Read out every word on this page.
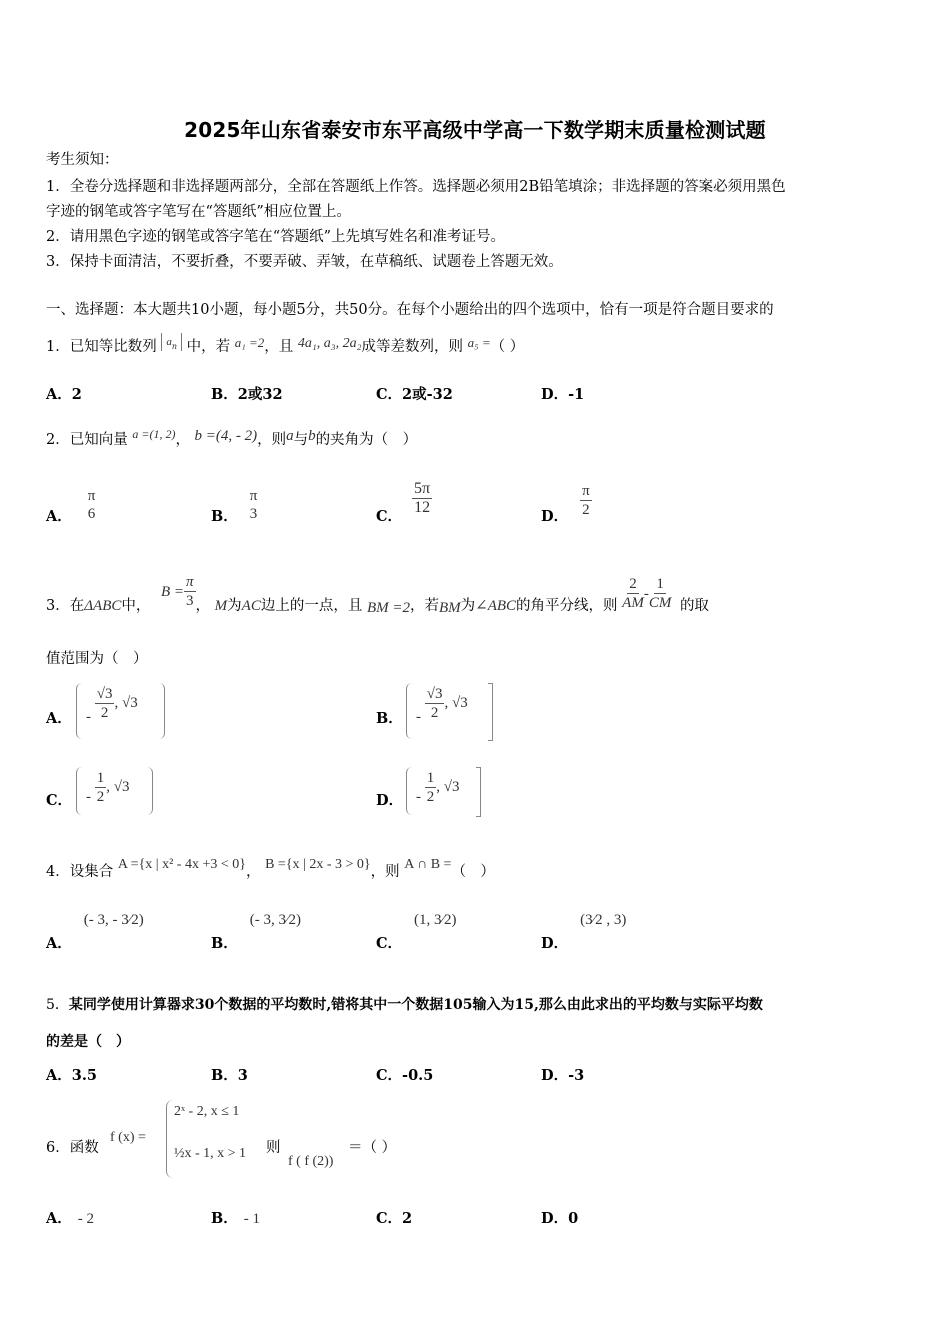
2025年山东省泰安市东平高级中学高一下数学期末质量检测试题
考生须知：
1．全卷分选择题和非选择题两部分，全部在答题纸上作答。选择题必须用2B铅笔填涂；非选择题的答案必须用黑色
字迹的钢笔或答字笔写在“答题纸”相应位置上。
2．请用黑色字迹的钢笔或答字笔在“答题纸”上先填写姓名和准考证号。
3．保持卡面清洁，不要折叠，不要弄破、弄皱，在草稿纸、试题卷上答题无效。
一、选择题：本大题共10小题，每小题5分，共50分。在每个小题给出的四个选项中，恰有一项是符合题目要求的
1．已知等比数列 $a_n$ 中，若 a₁ =2，且 4a₁, a₃, 2a₂成等差数列，则 a₅ =（ ）
A．2	B．2或32	C．2或-32	D．-1
2．已知向量 $^{a =(1, 2)}$， b =(4, - 2)，则a与b的夹角为（　）
A．
π
6	B．
π
3	C． $\frac{5\pi}{12}$	D． $\frac{\pi}{2}$
3．在ΔABC中， $B = \frac{\pi}{3}$ ， M为AC边上的一点，且 BM =2，若BM为∠ABC的角平分线，则 $\frac{2}{AM} - \frac{1}{CM}$ 的取
值范围为（　）
A． - $\frac{√3}{2}$ , √3
B． - $\frac{√3}{2}$ , √3
C． - $\frac{1}{2}$ , √3
D． - $\frac{1}{2}$ , √3
4．设集合 A ={x | x² - 4x +3 < 0}， B ={x | 2x - 3 > 0}，则 A ∩ B =（　）
A．(- 3, - 3⁄2)
B．(- 3, 3⁄2)
C．(1, 3⁄2)
D．(3⁄2 , 3)
5．某同学使用计算器求30个数据的平均数时,错将其中一个数据105输入为15,那么由此求出的平均数与实际平均数
的差是（　）
A．3.5	B．3	C．-0.5	D．-3
6．函数
f (x) =
2ˣ - 2, x ≤ 1
½x - 1, x > 1 则
f ( f (2))
＝（ ）
A． - 2	B． - 1	C．2	D．0
